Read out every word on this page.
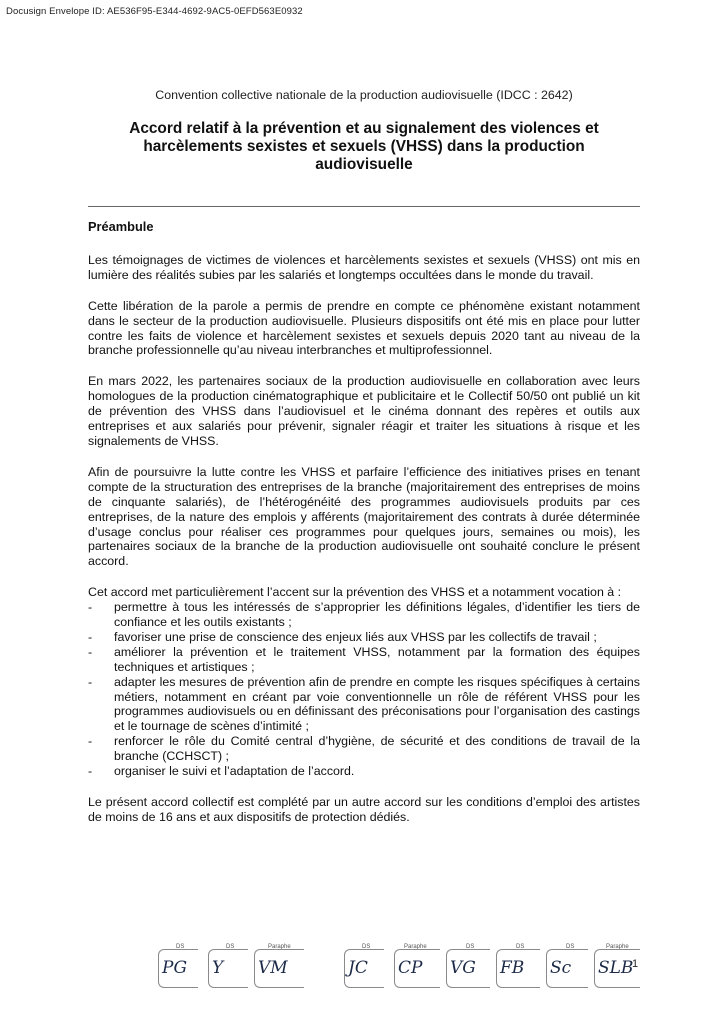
Docusign Envelope ID: AE536F95-E344-4692-9AC5-0EFD563E0932
Convention collective nationale de la production audiovisuelle (IDCC : 2642)
Accord relatif à la prévention et au signalement des violences et harcèlements sexistes et sexuels (VHSS) dans la production audiovisuelle
Préambule

Les témoignages de victimes de violences et harcèlements sexistes et sexuels (VHSS) ont mis en lumière des réalités subies par les salariés et longtemps occultées dans le monde du travail.

Cette libération de la parole a permis de prendre en compte ce phénomène existant notamment dans le secteur de la production audiovisuelle. Plusieurs dispositifs ont été mis en place pour lutter contre les faits de violence et harcèlement sexistes et sexuels depuis 2020 tant au niveau de la branche professionnelle qu’au niveau interbranches et multiprofessionnel.

En mars 2022, les partenaires sociaux de la production audiovisuelle en collaboration avec leurs homologues de la production cinématographique et publicitaire et le Collectif 50/50 ont publié un kit de prévention des VHSS dans l’audiovisuel et le cinéma donnant des repères et outils aux entreprises et aux salariés pour prévenir, signaler réagir et traiter les situations à risque et les signalements de VHSS.

Afin de poursuivre la lutte contre les VHSS et parfaire l’efficience des initiatives prises en tenant compte de la structuration des entreprises de la branche (majoritairement des entreprises de moins de cinquante salariés), de l’hétérogénéité des programmes audiovisuels produits par ces entreprises, de la nature des emplois y afférents (majoritairement des contrats à durée déterminée d’usage conclus pour réaliser ces programmes pour quelques jours, semaines ou mois), les partenaires sociaux de la branche de la production audiovisuelle ont souhaité conclure le présent accord.

Cet accord met particulièrement l’accent sur la prévention des VHSS et a notamment vocation à :

- permettre à tous les intéressés de s’approprier les définitions légales, d’identifier les tiers de confiance et les outils existants ;
- favoriser une prise de conscience des enjeux liés aux VHSS par les collectifs de travail ;
- améliorer la prévention et le traitement VHSS, notamment par la formation des équipes techniques et artistiques ;
- adapter les mesures de prévention afin de prendre en compte les risques spécifiques à certains métiers, notamment en créant par voie conventionnelle un rôle de référent VHSS pour les programmes audiovisuels ou en définissant des préconisations pour l’organisation des castings et le tournage de scènes d’intimité ;
- renforcer le rôle du Comité central d’hygiène, de sécurité et des conditions de travail de la branche (CCHSCT) ;
- organiser le suivi et l’adaptation de l’accord.

Le présent accord collectif est complété par un autre accord sur les conditions d’emploi des artistes de moins de 16 ans et aux dispositifs de protection dédiés.

DS
PG
DS
Y
Paraphe
VM
DS
JC
Paraphe
CP
DS
VG
DS
FB
DS
Sc
Paraphe
SLB
1
